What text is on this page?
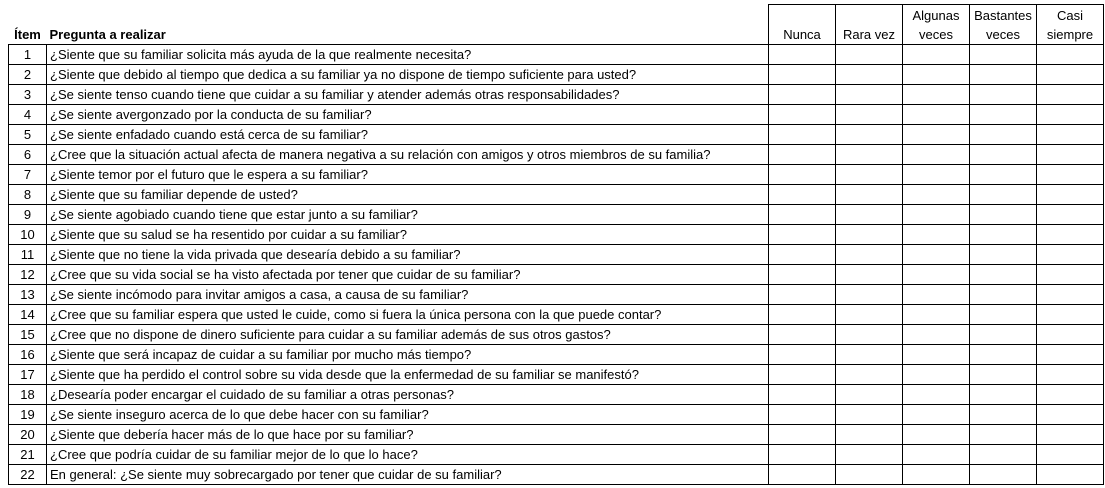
Ítem	Pregunta a realizar	Nunca	Rara vez	Algunas veces	Bastantes veces	Casi siempre
1	¿Siente que su familiar solicita más ayuda de la que realmente necesita?					
2	¿Siente que debido al tiempo que dedica a su familiar ya no dispone de tiempo suficiente para usted?					
3	¿Se siente tenso cuando tiene que cuidar a su familiar y atender además otras responsabilidades?					
4	¿Se siente avergonzado por la conducta de su familiar?					
5	¿Se siente enfadado cuando está cerca de su familiar?					
6	¿Cree que la situación actual afecta de manera negativa a su relación con amigos y otros miembros de su familia?					
7	¿Siente temor por el futuro que le espera a su familiar?					
8	¿Siente que su familiar depende de usted?					
9	¿Se siente agobiado cuando tiene que estar junto a su familiar?					
10	¿Siente que su salud se ha resentido por cuidar a su familiar?					
11	¿Siente que no tiene la vida privada que desearía debido a su familiar?					
12	¿Cree que su vida social se ha visto afectada por tener que cuidar de su familiar?					
13	¿Se siente incómodo para invitar amigos a casa, a causa de su familiar?					
14	¿Cree que su familiar espera que usted le cuide, como si fuera la única persona con la que puede contar?					
15	¿Cree que no dispone de dinero suficiente para cuidar a su familiar además de sus otros gastos?					
16	¿Siente que será incapaz de cuidar a su familiar por mucho más tiempo?					
17	¿Siente que ha perdido el control sobre su vida desde que la enfermedad de su familiar se manifestó?					
18	¿Desearía poder encargar el cuidado de su familiar a otras personas?					
19	¿Se siente inseguro acerca de lo que debe hacer con su familiar?					
20	¿Siente que debería hacer más de lo que hace por su familiar?					
21	¿Cree que podría cuidar de su familiar mejor de lo que lo hace?					
22	En general: ¿Se siente muy sobrecargado por tener que cuidar de su familiar?					
